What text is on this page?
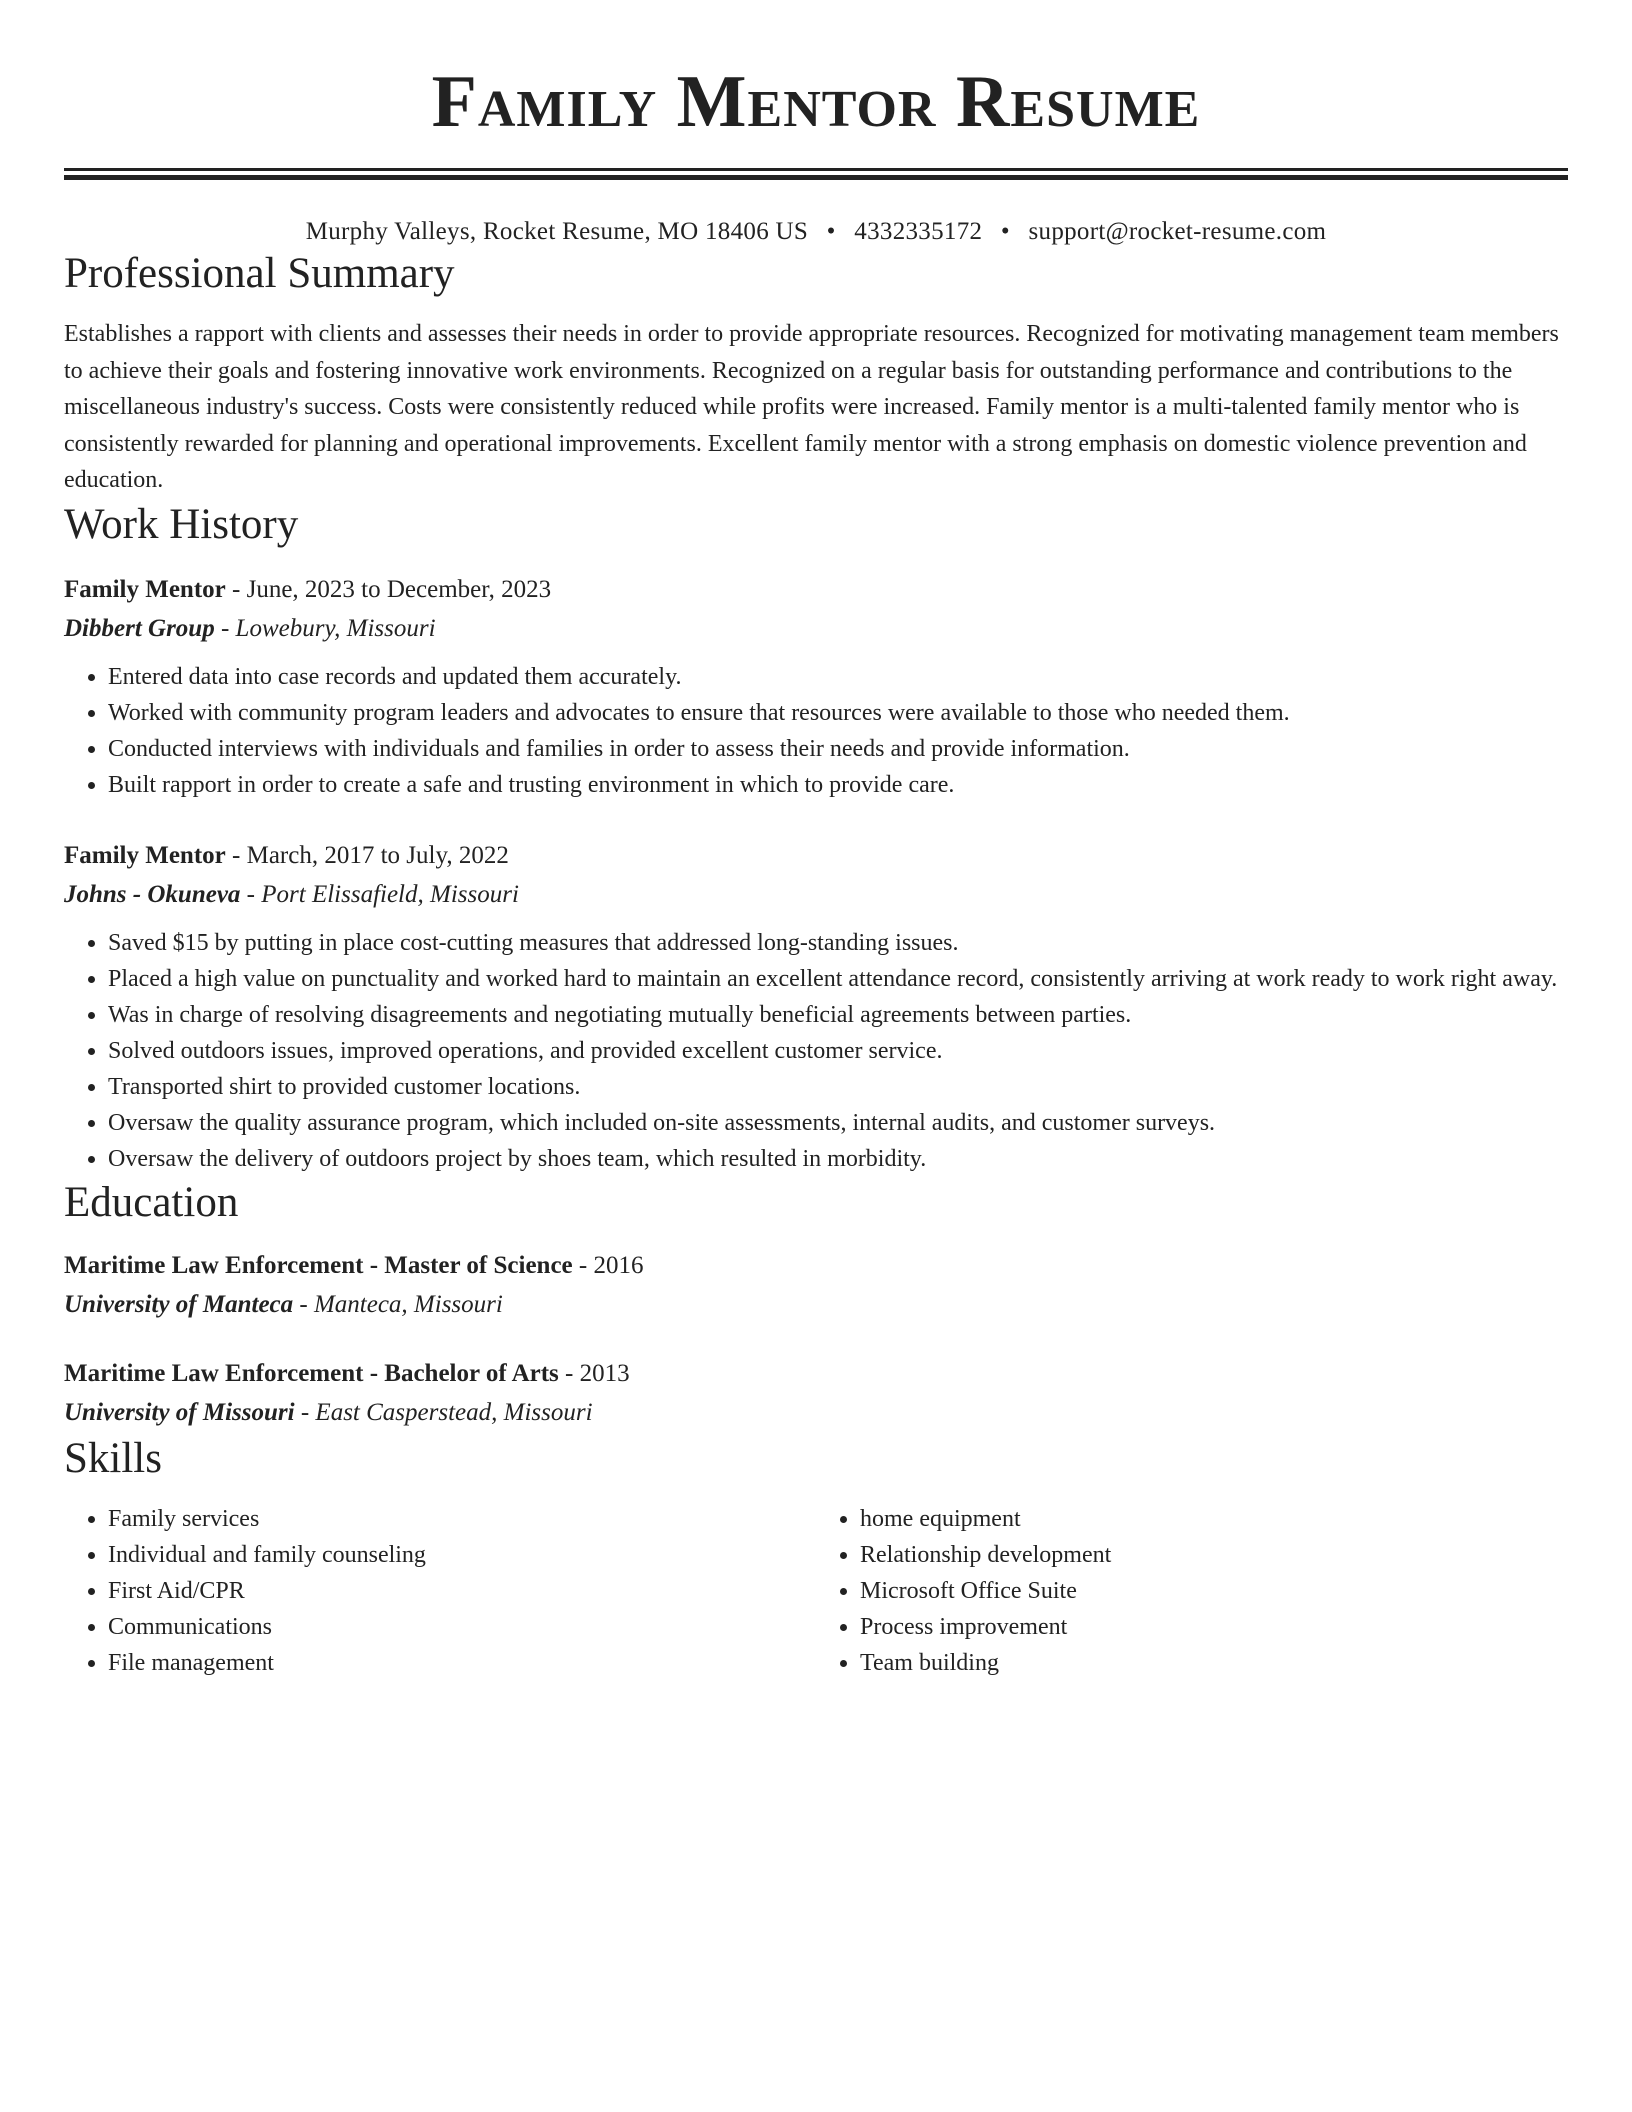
Family Mentor Resume
Murphy Valleys, Rocket Resume, MO 18406 US • 4332335172 • support@rocket-resume.com
Professional Summary

Establishes a rapport with clients and assesses their needs in order to provide appropriate resources. Recognized for motivating management team members to achieve their goals and fostering innovative work environments. Recognized on a regular basis for outstanding performance and contributions to the miscellaneous industry's success. Costs were consistently reduced while profits were increased. Family mentor is a multi-talented family mentor who is consistently rewarded for planning and operational improvements. Excellent family mentor with a strong emphasis on domestic violence prevention and education.

Work History
Family Mentor - June, 2023 to December, 2023
Dibbert Group - Lowebury, Missouri
• Entered data into case records and updated them accurately.
• Worked with community program leaders and advocates to ensure that resources were available to those who needed them.
• Conducted interviews with individuals and families in order to assess their needs and provide information.
• Built rapport in order to create a safe and trusting environment in which to provide care.
Family Mentor - March, 2017 to July, 2022
Johns - Okuneva - Port Elissafield, Missouri
• Saved $15 by putting in place cost-cutting measures that addressed long-standing issues.
• Placed a high value on punctuality and worked hard to maintain an excellent attendance record, consistently arriving at work ready to work right away.
• Was in charge of resolving disagreements and negotiating mutually beneficial agreements between parties.
• Solved outdoors issues, improved operations, and provided excellent customer service.
• Transported shirt to provided customer locations.
• Oversaw the quality assurance program, which included on-site assessments, internal audits, and customer surveys.
• Oversaw the delivery of outdoors project by shoes team, which resulted in morbidity.
Education
Maritime Law Enforcement - Master of Science - 2016
University of Manteca - Manteca, Missouri
Maritime Law Enforcement - Bachelor of Arts - 2013
University of Missouri - East Casperstead, Missouri
Skills
• Family services
• Individual and family counseling
• First Aid/CPR
• Communications
• File management
• home equipment
• Relationship development
• Microsoft Office Suite
• Process improvement
• Team building
